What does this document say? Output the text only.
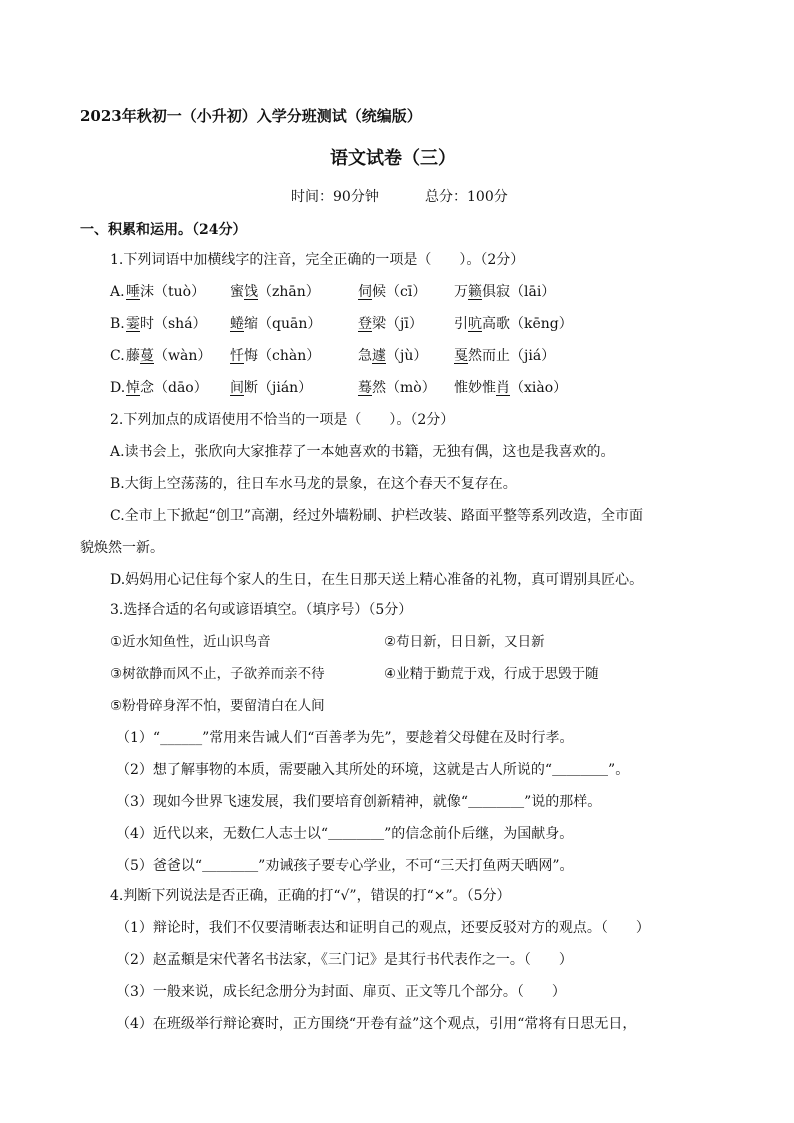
2023年秋初一（小升初）入学分班测试（统编版）
语文试卷（三）
时间：90分钟	总分：100分
一、积累和运用。（24分）
1.下列词语中加横线字的注音，完全正确的一项是（　　）。（2分）
A. 唾沫（tuò） 蜜饯（zhān）	伺候（cī） 万籁俱寂（lāi）
B. 霎时（shá） 蜷缩（quān）	登梁（jī） 引吭高歌（kēng）
C. 藤蔓（wàn） 忏悔（chàn）	急遽（jù） 戛然而止（jiá）
D. 悼念（dāo） 间断（jián）	蓦然（mò） 惟妙惟肖（xiào）
2.下列加点的成语使用不恰当的一项是（　　）。（2分）
A.读书会上，张欣向大家推荐了一本她喜欢的书籍，无独有偶，这也是我喜欢的。
B.大街上空荡荡的，往日车水马龙的景象，在这个春天不复存在。
C.全市上下掀起“创卫”高潮，经过外墙粉刷、护栏改装、路面平整等系列改造，全市面
貌焕然一新。
D.妈妈用心记住每个家人的生日，在生日那天送上精心准备的礼物，真可谓别具匠心。
3.选择合适的名句或谚语填空。（填序号）（5分）
①近水知鱼性，近山识鸟音	②苟日新，日日新，又日新
③树欲静而风不止，子欲养而亲不待	④业精于勤荒于戏，行成于思毁于随
⑤粉骨碎身浑不怕，要留清白在人间
（1）“______”常用来告诫人们“百善孝为先”，要趁着父母健在及时行孝。
（2）想了解事物的本质，需要融入其所处的环境，这就是古人所说的“＿＿＿＿”。
（3）现如今世界飞速发展，我们要培育创新精神，就像“＿＿＿＿”说的那样。
（4）近代以来，无数仁人志士以“＿＿＿＿”的信念前仆后继，为国献身。
（5）爸爸以“＿＿＿＿”劝诫孩子要专心学业，不可“三天打鱼两天晒网”。
4.判断下列说法是否正确，正确的打“√”，错误的打“×”。（5分）
（1）辩论时，我们不仅要清晰表达和证明自己的观点，还要反驳对方的观点。（　　）
（2）赵孟頫是宋代著名书法家，《三门记》是其行书代表作之一。（　　）
（3）一般来说，成长纪念册分为封面、扉页、正文等几个部分。（　　）
（4）在班级举行辩论赛时，正方围绕“开卷有益”这个观点，引用“常将有日思无日，
